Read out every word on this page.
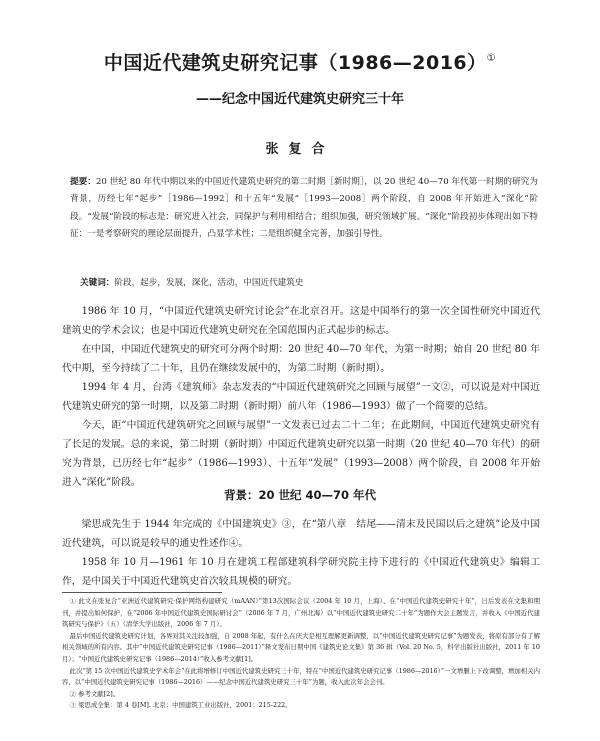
中国近代建筑史研究记事（1986—2016）①
——纪念中国近代建筑史研究三十年
张复合
提要：20 世纪 80 年代中期以来的中国近代建筑史研究的第二时期［新时期］，以 20 世纪 40—70 年代第一时期的研究为背景，历经七年“起步”［1986—1992］和十五年“发展”［1993—2008］两个阶段，自 2008 年开始进入“深化”阶段。“发展”阶段的标志是：研究进入社会，同保护与利用相结合；组织加强，研究领域扩展。“深化”阶段初步体现出如下特征：一是考察研究的理论层面提升，凸显学术性；二是组织健全完善，加强引导性。
关键词：阶段，起步，发展，深化，活动，中国近代建筑史

1986 年 10 月，“中国近代建筑史研究讨论会”在北京召开。这是中国举行的第一次全国性研究中国近代建筑史的学术会议；也是中国近代建筑史研究在全国范围内正式起步的标志。

在中国，中国近代建筑史的研究可分两个时期：20 世纪 40—70 年代，为第一时期；始自 20 世纪 80 年代中期，至今持续了二十年，且仍在继续发展中的，为第二时期（新时期）。

1994 年 4 月，台湾《建筑师》杂志发表的“中国近代建筑研究之回顾与展望”一文②，可以说是对中国近代建筑史研究的第一时期，以及第二时期（新时期）前八年（1986—1993）做了一个简要的总结。

今天，距“中国近代建筑研究之回顾与展望”一文发表已过去二十二年；在此期间，中国近代建筑史研究有了长足的发展。总的来说，第二时期（新时期）中国近代建筑史研究以第一时期（20 世纪 40—70 年代）的研究为背景，已历经七年“起步”（1986—1993）、十五年“发展”（1993—2008）两个阶段，自 2008 年开始进入“深化”阶段。

背景：20 世纪 40—70 年代

梁思成先生于 1944 年完成的《中国建筑史》③，在“第八章　结尾——清末及民国以后之建筑”论及中国近代建筑，可以说是较早的通史性述作④。

1958 年 10 月—1961 年 10 月在建筑工程部建筑科学研究院主持下进行的《中国近代建筑史》编辑工作，是中国关于中国近代建筑史首次较具规模的研究。

① 此文在张复合“亚洲近代建筑研究·保护网络构建研究（mAAN）”第13次国际会议（2004 年 10 月，上海）、在“中国近代建筑史研究十年”，日后发表在文集和期刊，并提出如何保护，在“2006 年中国近代建筑史国际研讨会”（2006 年 7 月，广州北海）以“中国近代建筑史研究二十年”为题作大会主题发言，并收入《中国近代建筑研究与保护》（五）（清华大学出版社，2006 年 7 月）。

最后中国近代建筑史研究计划，各界对其关注较加强，自 2008 年起，有什么在庆大是相互理解更新调整，以“中国近代建筑史研究记事”为题发表，将原有部分有了解相关领域的所有内容。其中“中国近代建筑史研究记事（1986—2011）”释文发布日期中国《建筑史论文集》第 36 辑（Vol. 20 No. 5，科学出版社出版社，2011 年 10 月）；“中国近代建筑史研究记事（1986—2014）”收入参考文献[1]。

此次“第 15 次中国近代建筑史学术年会”在此将增修订中国近代建筑史研究三十年，特在“中国近代建筑史研究记事（1986—2016）”一文增删上下改调整，增加相关内容，以“中国近代建筑史研究记事（1986—2016）——纪念中国近代建筑史研究三十年”为题，收入此次年会会刊。

② 参考文献[2]。

③ 梁思成全集：第 4 卷[M]. 北京：中国建筑工业出版社，2001：215-222。
